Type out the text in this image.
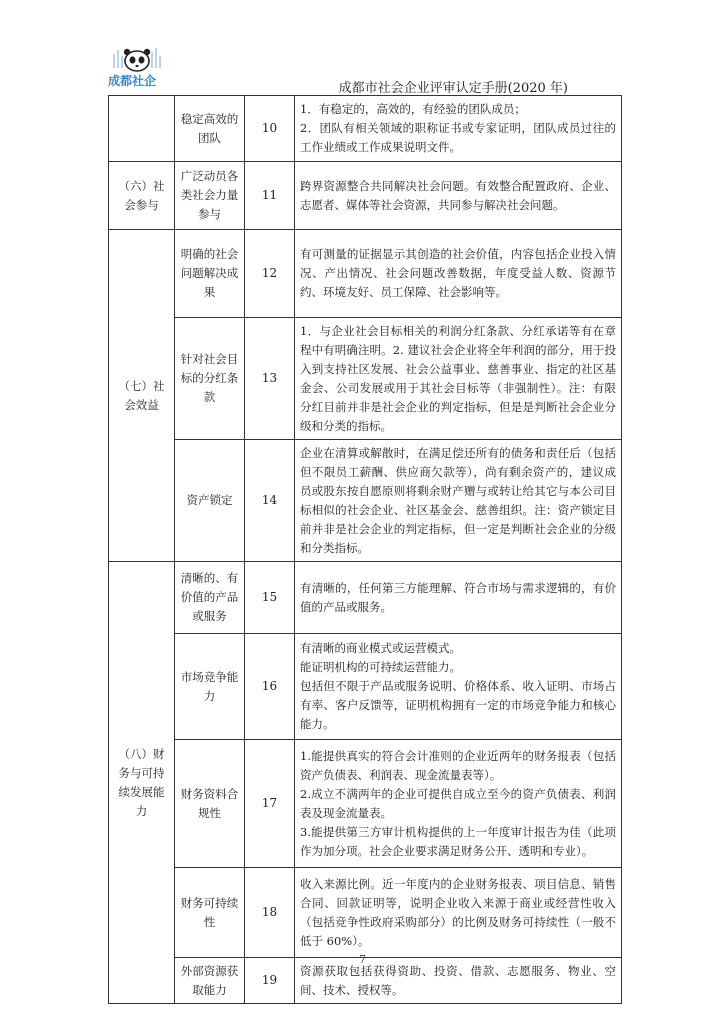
成都社企	成都市社会企业评审认定手册(2020 年)
	稳定高效的团队	10	1．有稳定的，高效的，有经验的团队成员；
2．团队有相关领域的职称证书或专家证明，团队成员过往的工作业绩或工作成果说明文件。

（六）社会参与	广泛动员各类社会力量参与	11	跨界资源整合共同解决社会问题。有效整合配置政府、企业、志愿者、媒体等社会资源，共同参与解决社会问题。

（七）社会效益	明确的社会问题解决成果	12	有可测量的证据显示其创造的社会价值，内容包括企业投入情况、产出情况、社会问题改善数据，年度受益人数、资源节约、环境友好、员工保障、社会影响等。

	针对社会目标的分红条款	13	1．与企业社会目标相关的利润分红条款、分红承诺等有在章程中有明确注明。2. 建议社会企业将全年利润的部分，用于投入到支持社区发展、社会公益事业、慈善事业、指定的社区基金会、公司发展或用于其社会目标等（非强制性）。注：有限分红目前并非是社会企业的判定指标，但是是判断社会企业分级和分类的指标。

	资产锁定	14	企业在清算或解散时，在满足偿还所有的债务和责任后（包括但不限员工薪酬、供应商欠款等），尚有剩余资产的，建议成员或股东按自愿原则将剩余财产赠与或转让给其它与本公司目标相似的社会企业、社区基金会、慈善组织。注：资产锁定目前并非是社会企业的判定指标，但一定是判断社会企业的分级和分类指标。

（八）财务与可持续发展能力	清晰的、有价值的产品或服务	15	有清晰的，任何第三方能理解、符合市场与需求逻辑的，有价值的产品或服务。

	市场竞争能力	16	有清晰的商业模式或运营模式。
能证明机构的可持续运营能力。
包括但不限于产品或服务说明、价格体系、收入证明、市场占有率、客户反馈等，证明机构拥有一定的市场竞争能力和核心能力。

	财务资料合规性	17	1.能提供真实的符合会计准则的企业近两年的财务报表（包括资产负债表、利润表、现金流量表等）。
2.成立不满两年的企业可提供自成立至今的资产负债表、利润表及现金流量表。
3.能提供第三方审计机构提供的上一年度审计报告为佳（此项作为加分项。社会企业要求满足财务公开、透明和专业）。

	财务可持续性	18	收入来源比例。近一年度内的企业财务报表、项目信息、销售合同、回款证明等，说明企业收入来源于商业或经营性收入（包括竞争性政府采购部分）的比例及财务可持续性（一般不低于 60%）。

	外部资源获取能力	19	资源获取包括获得资助、投资、借款、志愿服务、物业、空间、技术、授权等。
7
